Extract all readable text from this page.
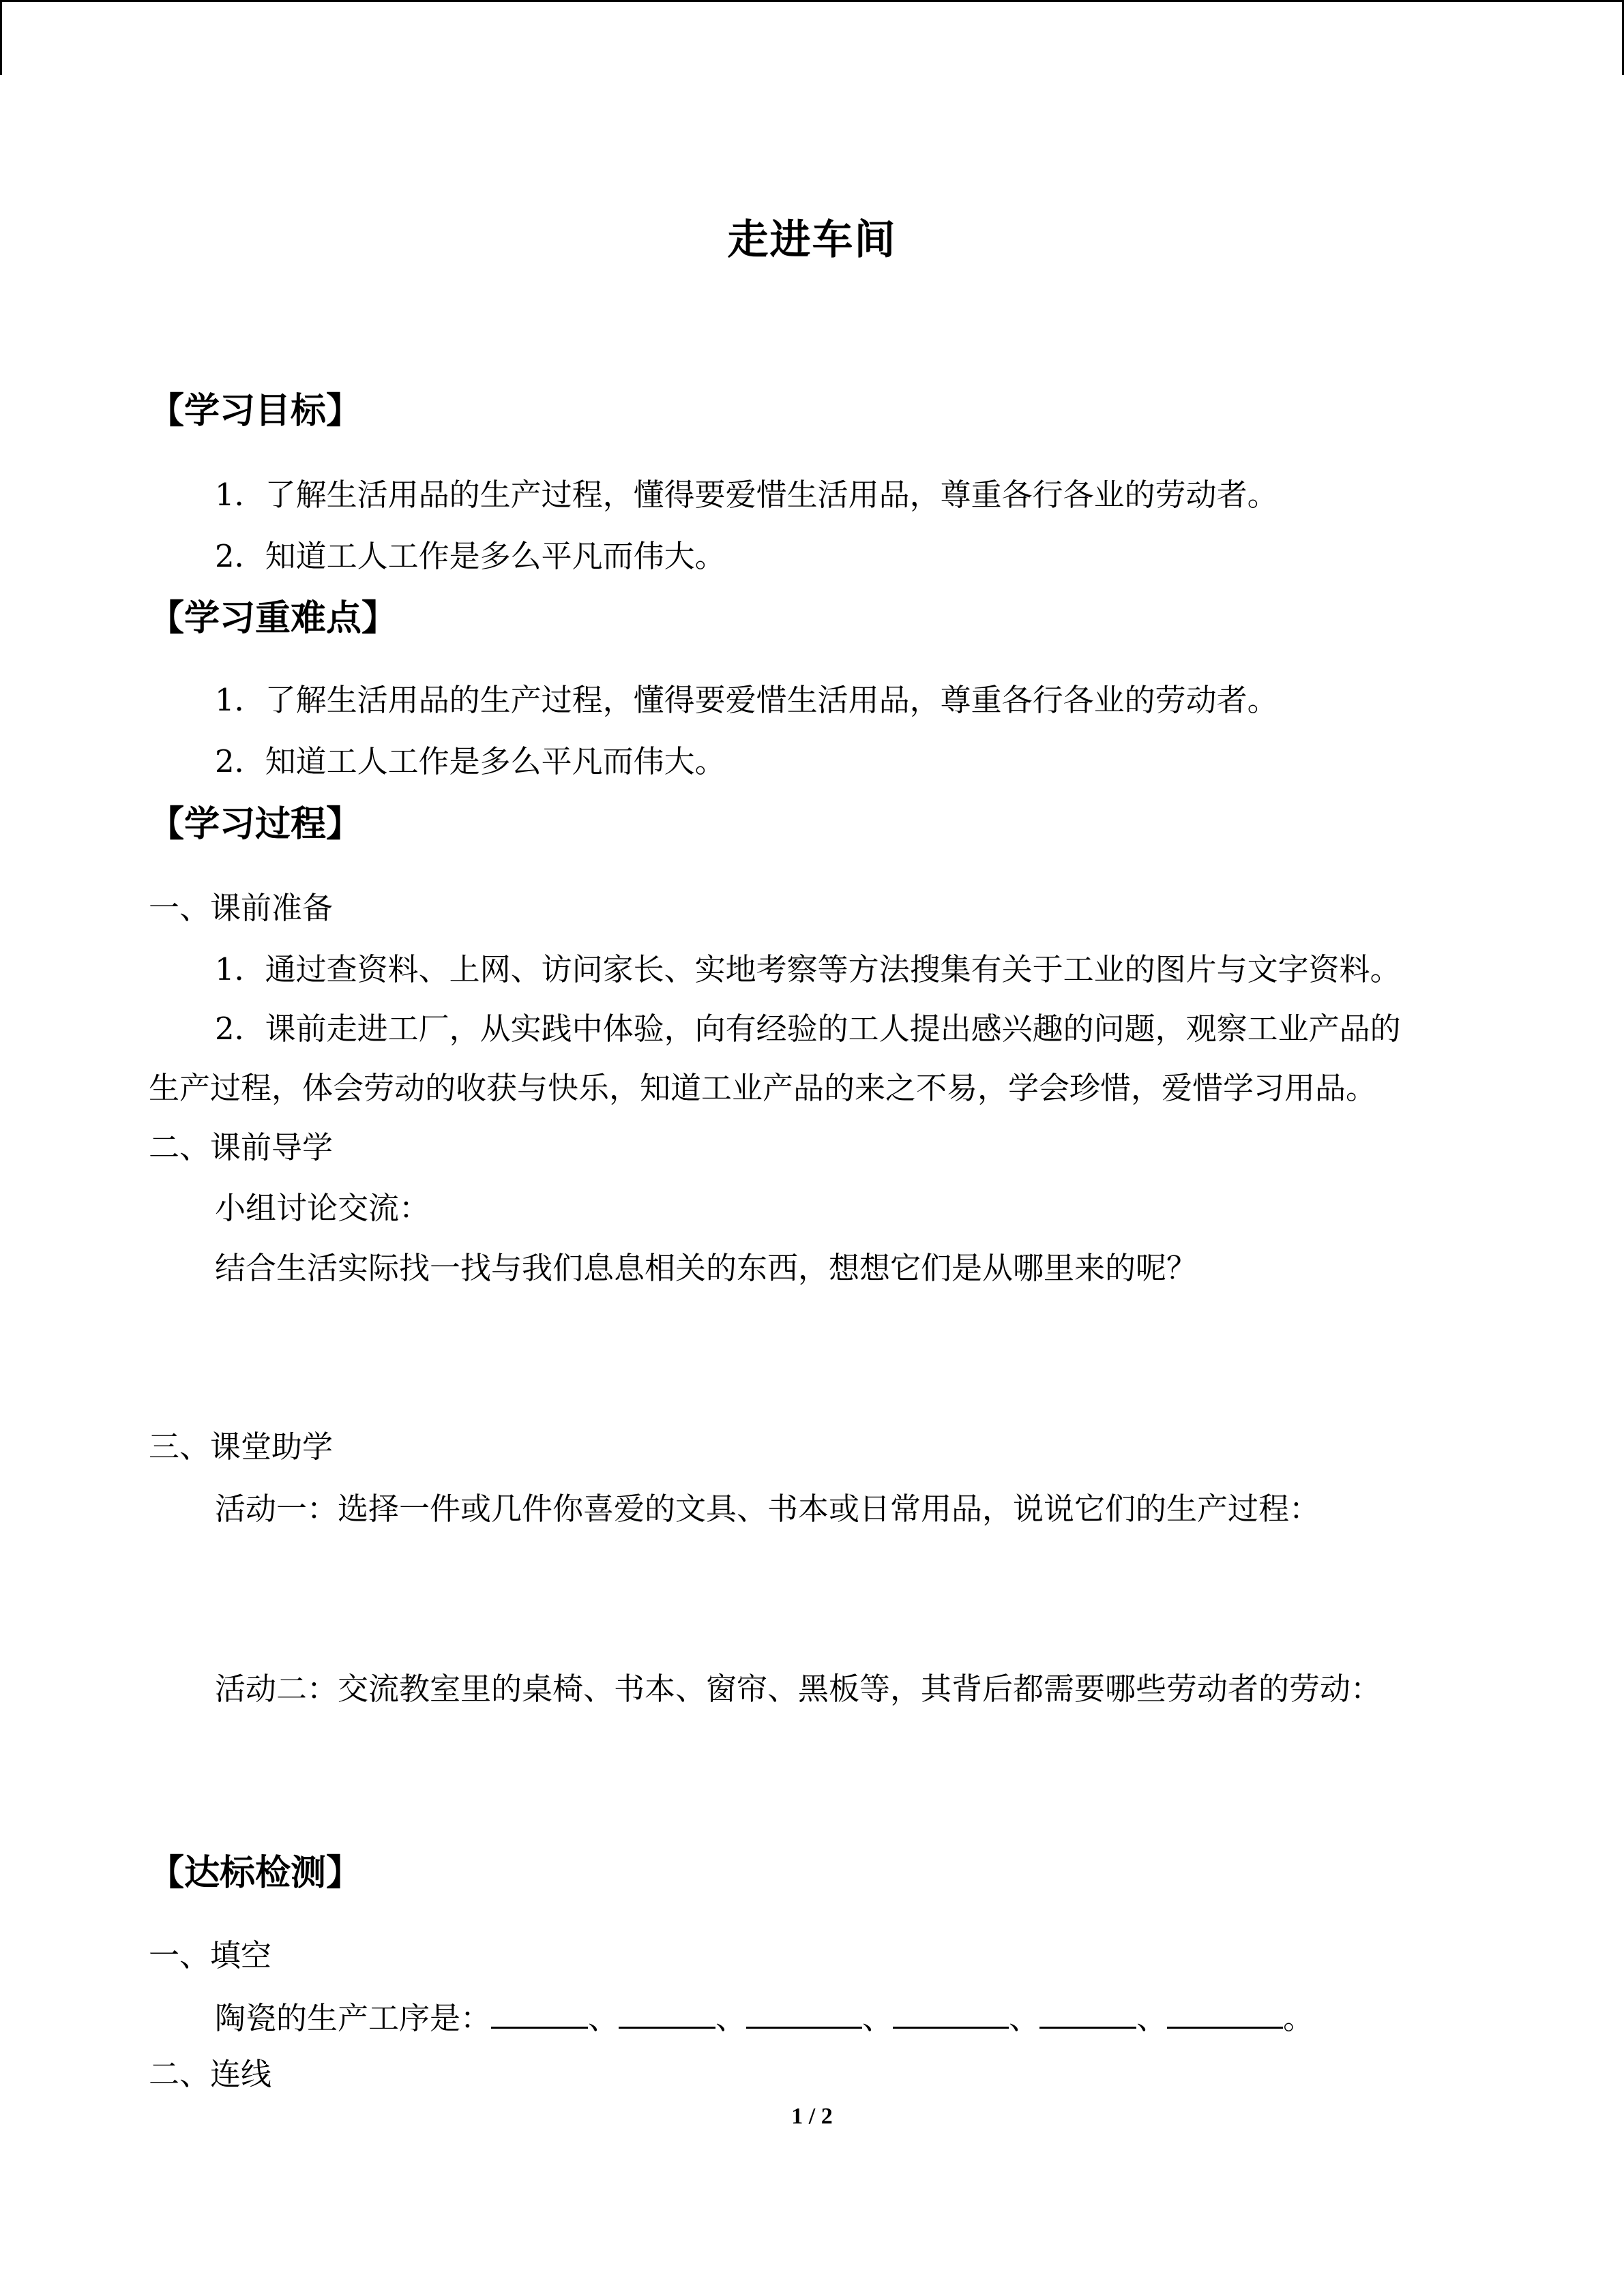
走进车间
【学习目标】
1．了解生活用品的生产过程，懂得要爱惜生活用品，尊重各行各业的劳动者。
2．知道工人工作是多么平凡而伟大。
【学习重难点】
1．了解生活用品的生产过程，懂得要爱惜生活用品，尊重各行各业的劳动者。
2．知道工人工作是多么平凡而伟大。
【学习过程】
一、课前准备
1．通过查资料、上网、访问家长、实地考察等方法搜集有关于工业的图片与文字资料。
2．课前走进工厂，从实践中体验，向有经验的工人提出感兴趣的问题，观察工业产品的
生产过程，体会劳动的收获与快乐，知道工业产品的来之不易，学会珍惜，爱惜学习用品。
二、课前导学
小组讨论交流：
结合生活实际找一找与我们息息相关的东西，想想它们是从哪里来的呢？
三、课堂助学
活动一：选择一件或几件你喜爱的文具、书本或日常用品，说说它们的生产过程：
活动二：交流教室里的桌椅、书本、窗帘、黑板等，其背后都需要哪些劳动者的劳动：
【达标检测】
一、填空
陶瓷的生产工序是：	、	、	、	、	、	。
二、连线
1 / 2
